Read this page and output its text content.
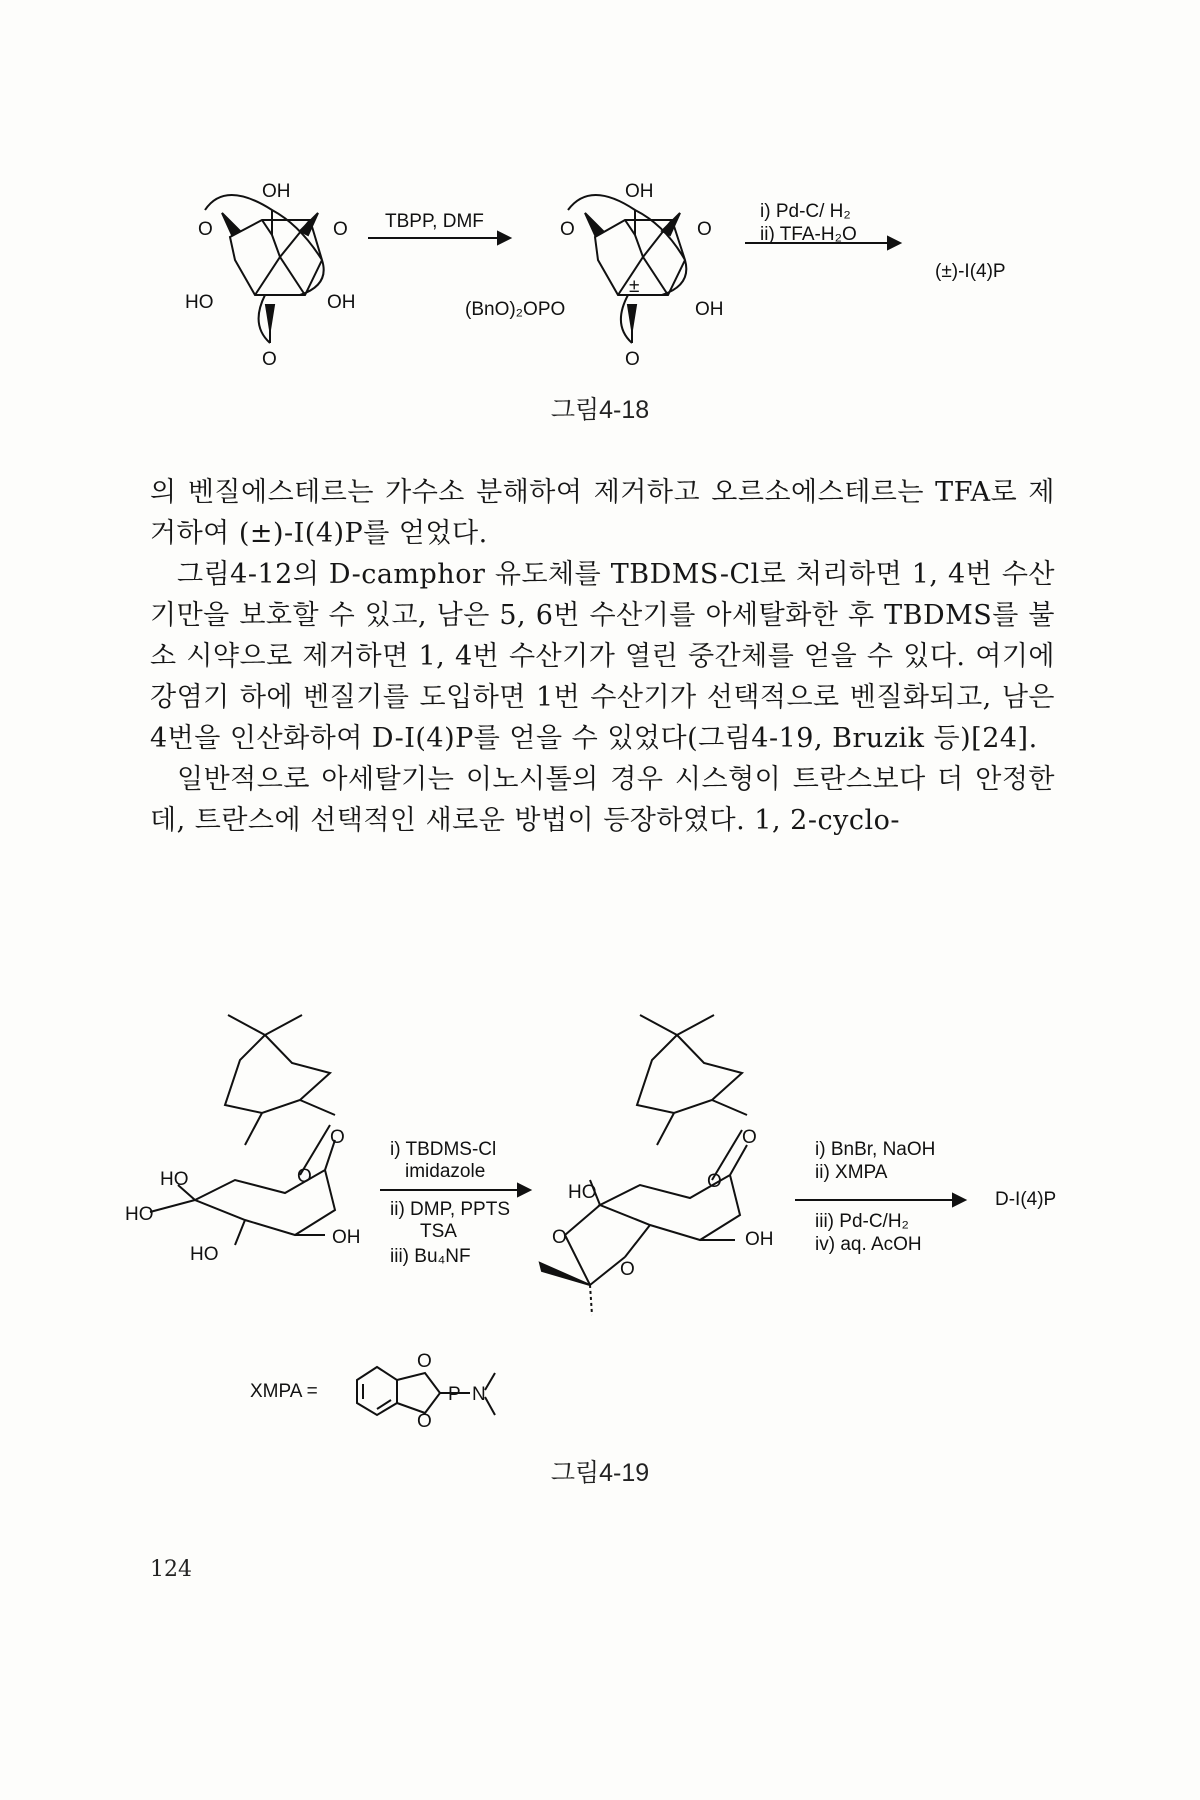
OH
O	O
HO	OH
O
TBPP, DMF
OH
O	O
(BnO)₂OPO	OH
O
±
i) Pd-C/ H₂
ii) TFA-H₂O
(±)-I(4)P
그림4-18

의 벤질에스테르는 가수소 분해하여 제거하고 오르소에스테르는 TFA로 제거하여 (±)-I(4)P를 얻었다.

그림4-12의 D-camphor 유도체를 TBDMS-Cl로 처리하면 1, 4번 수산기만을 보호할 수 있고, 남은 5, 6번 수산기를 아세탈화한 후 TBDMS를 불소 시약으로 제거하면 1, 4번 수산기가 열린 중간체를 얻을 수 있다. 여기에 강염기 하에 벤질기를 도입하면 1번 수산기가 선택적으로 벤질화되고, 남은 4번을 인산화하여 D-I(4)P를 얻을 수 있었다(그림4-19, Bruzik 등)[24].

일반적으로 아세탈기는 이노시톨의 경우 시스형이 트란스보다 더 안정한데, 트란스에 선택적인 새로운 방법이 등장하였다. 1, 2-cyclo-

HO
HO
HO
OH
O
O
i) TBDMS-Cl
imidazole
ii) DMP, PPTS
TSA
iii) Bu₄NF
HO
O
O
O
O
OH
i) BnBr, NaOH
ii) XMPA
iii) Pd-C/H₂
iv) aq. AcOH
D-I(4)P
XMPA =
O
O
P N
그림4-19
124
